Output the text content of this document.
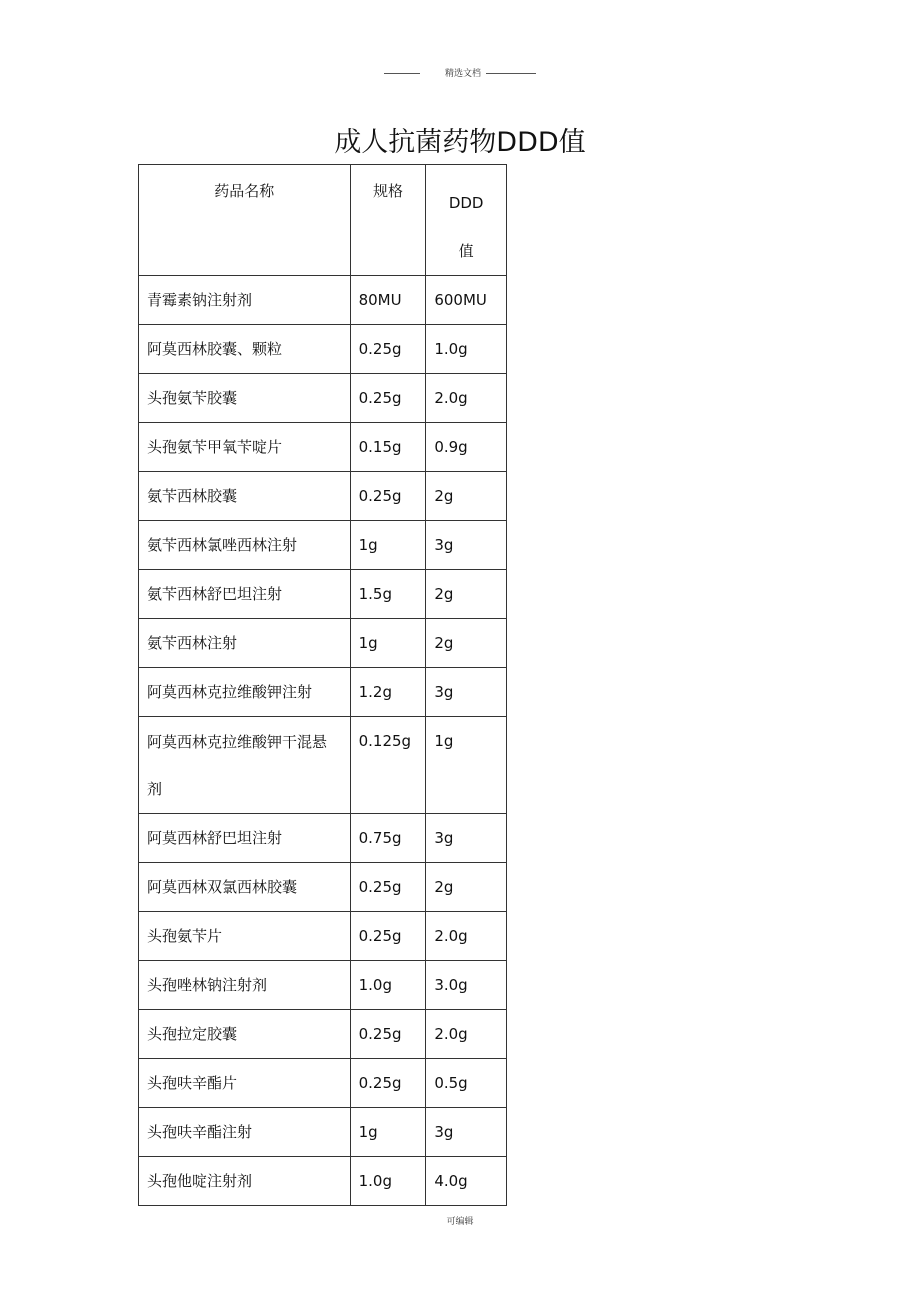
精选文档
成人抗菌药物DDD值
药品名称	规格	DDD值

青霉素钠注射剂	80MU	600MU

阿莫西林胶囊、颗粒	0.25g	1.0g

头孢氨苄胶囊	0.25g	2.0g

头孢氨苄甲氧苄啶片	0.15g	0.9g

氨苄西林胶囊	0.25g	2g

氨苄西林氯唑西林注射	1g	3g

氨苄西林舒巴坦注射	1.5g	2g

氨苄西林注射	1g	2g

阿莫西林克拉维酸钾注射	1.2g	3g

阿莫西林克拉维酸钾干混悬剂	0.125g	1g

阿莫西林舒巴坦注射	0.75g	3g

阿莫西林双氯西林胶囊	0.25g	2g

头孢氨苄片	0.25g	2.0g

头孢唑林钠注射剂	1.0g	3.0g

头孢拉定胶囊	0.25g	2.0g

头孢呋辛酯片	0.25g	0.5g

头孢呋辛酯注射	1g	3g

头孢他啶注射剂	1.0g	4.0g
可编辑
